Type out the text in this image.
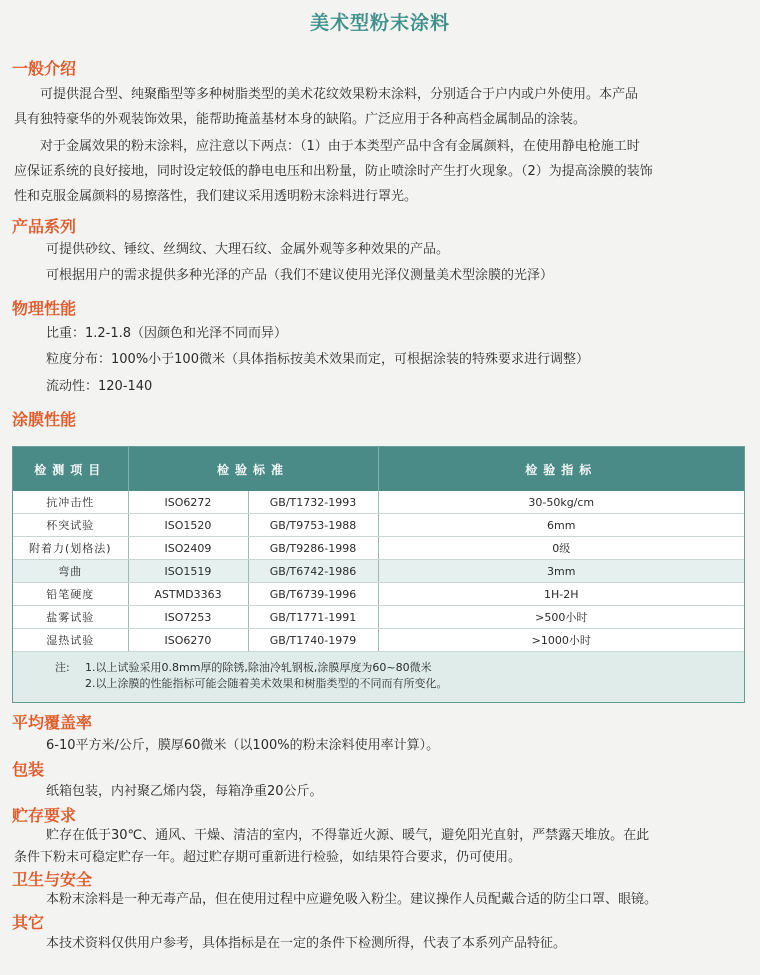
美术型粉末涂料
一般介绍
可提供混合型、纯聚酯型等多种树脂类型的美术花纹效果粉末涂料，分别适合于户内或户外使用。本产品
具有独特豪华的外观装饰效果，能帮助掩盖基材本身的缺陷。广泛应用于各种高档金属制品的涂装。
对于金属效果的粉末涂料，应注意以下两点：（1）由于本类型产品中含有金属颜料，在使用静电枪施工时
应保证系统的良好接地，同时设定较低的静电电压和出粉量，防止喷涂时产生打火现象。（2）为提高涂膜的装饰
性和克服金属颜料的易擦落性，我们建议采用透明粉末涂料进行罩光。
产品系列
可提供砂纹、锤纹、丝绸纹、大理石纹、金属外观等多种效果的产品。
可根据用户的需求提供多种光泽的产品（我们不建议使用光泽仪测量美术型涂膜的光泽）
物理性能
比重：1.2-1.8（因颜色和光泽不同而异）
粒度分布：100%小于100微米（具体指标按美术效果而定，可根据涂装的特殊要求进行调整）
流动性：120-140
涂膜性能
检测项目	检验标准		检验指标
抗冲击性	ISO6272	GB/T1732-1993	30-50kg/cm
杯突试验	ISO1520	GB/T9753-1988	6mm
附着力(划格法)	ISO2409	GB/T9286-1998	0级
弯曲	ISO1519	GB/T6742-1986	3mm
铅笔硬度	ASTMD3363	GB/T6739-1996	1H-2H
盐雾试验	ISO7253	GB/T1771-1991	>500小时
湿热试验	ISO6270	GB/T1740-1979	>1000小时
注: 1.以上试验采用0.8mm厚的除锈,除油冷轧钢板,涂膜厚度为60~80微米
2.以上涂膜的性能指标可能会随着美术效果和树脂类型的不同而有所变化。
平均覆盖率
6-10平方米/公斤，膜厚60微米（以100%的粉末涂料使用率计算）。
包装
纸箱包装，内衬聚乙烯内袋，每箱净重20公斤。
贮存要求
贮存在低于30℃、通风、干燥、清洁的室内，不得靠近火源、暖气，避免阳光直射，严禁露天堆放。在此
条件下粉末可稳定贮存一年。超过贮存期可重新进行检验，如结果符合要求，仍可使用。
卫生与安全
本粉末涂料是一种无毒产品，但在使用过程中应避免吸入粉尘。建议操作人员配戴合适的防尘口罩、眼镜。
其它
本技术资料仅供用户参考，具体指标是在一定的条件下检测所得，代表了本系列产品特征。
